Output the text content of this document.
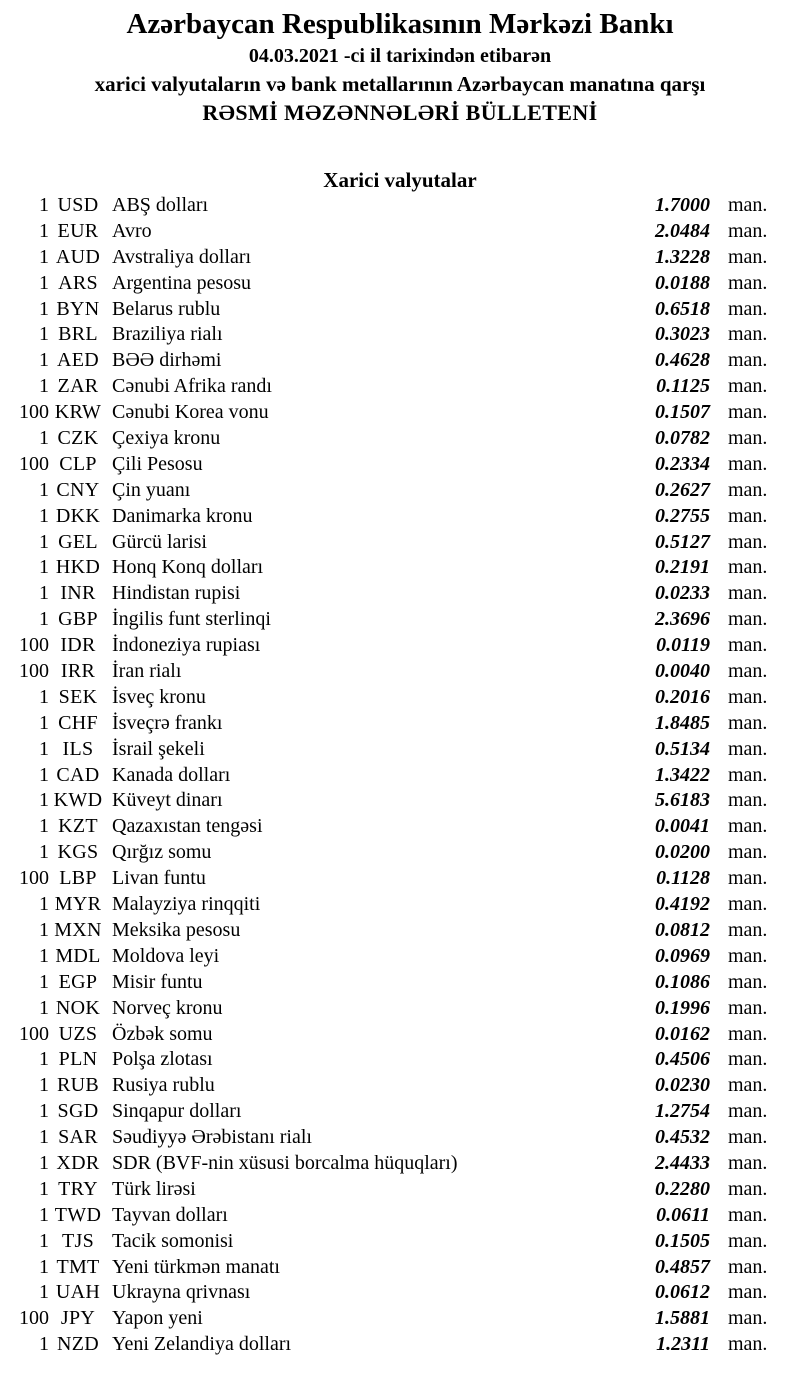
Azərbaycan Respublikasının Mərkəzi Bankı
04.03.2021 -ci il tarixindən etibarən
xarici valyutaların və bank metallarının Azərbaycan manatına qarşı
RƏSMİ MƏZƏNNƏLƏRİ BÜLLETENİ
Xarici valyutalar
1 USD ABŞ dolları	1.7000 man.
1 EUR Avro	2.0484 man.
1 AUD Avstraliya dolları	1.3228 man.
1 ARS Argentina pesosu	0.0188 man.
1 BYN Belarus rublu	0.6518 man.
1 BRL Braziliya rialı	0.3023 man.
1 AED BƏƏ dirhəmi	0.4628 man.
1 ZAR Cənubi Afrika randı	0.1125 man.
100 KRW Cənubi Korea vonu	0.1507 man.
1 CZK Çexiya kronu	0.0782 man.
100 CLP Çili Pesosu	0.2334 man.
1 CNY Çin yuanı	0.2627 man.
1 DKK Danimarka kronu	0.2755 man.
1 GEL Gürcü larisi	0.5127 man.
1 HKD Honq Konq dolları	0.2191 man.
1 INR Hindistan rupisi	0.0233 man.
1 GBP İngilis funt sterlinqi	2.3696 man.
100 IDR İndoneziya rupiası	0.0119 man.
100 IRR İran rialı	0.0040 man.
1 SEK İsveç kronu	0.2016 man.
1 CHF İsveçrə frankı	1.8485 man.
1 ILS İsrail şekeli	0.5134 man.
1 CAD Kanada dolları	1.3422 man.
1 KWD Küveyt dinarı	5.6183 man.
1 KZT Qazaxıstan tengəsi	0.0041 man.
1 KGS Qırğız somu	0.0200 man.
100 LBP Livan funtu	0.1128 man.
1 MYR Malayziya rinqqiti	0.4192 man.
1 MXN Meksika pesosu	0.0812 man.
1 MDL Moldova leyi	0.0969 man.
1 EGP Misir funtu	0.1086 man.
1 NOK Norveç kronu	0.1996 man.
100 UZS Özbək somu	0.0162 man.
1 PLN Polşa zlotası	0.4506 man.
1 RUB Rusiya rublu	0.0230 man.
1 SGD Sinqapur dolları	1.2754 man.
1 SAR Səudiyyə Ərəbistanı rialı	0.4532 man.
1 XDR SDR (BVF-nin xüsusi borcalma hüquqları)	2.4433 man.
1 TRY Türk lirəsi	0.2280 man.
1 TWD Tayvan dolları	0.0611 man.
1 TJS Tacik somonisi	0.1505 man.
1 TMT Yeni türkmən manatı	0.4857 man.
1 UAH Ukrayna qrivnası	0.0612 man.
100 JPY Yapon yeni	1.5881 man.
1 NZD Yeni Zelandiya dolları	1.2311 man.
